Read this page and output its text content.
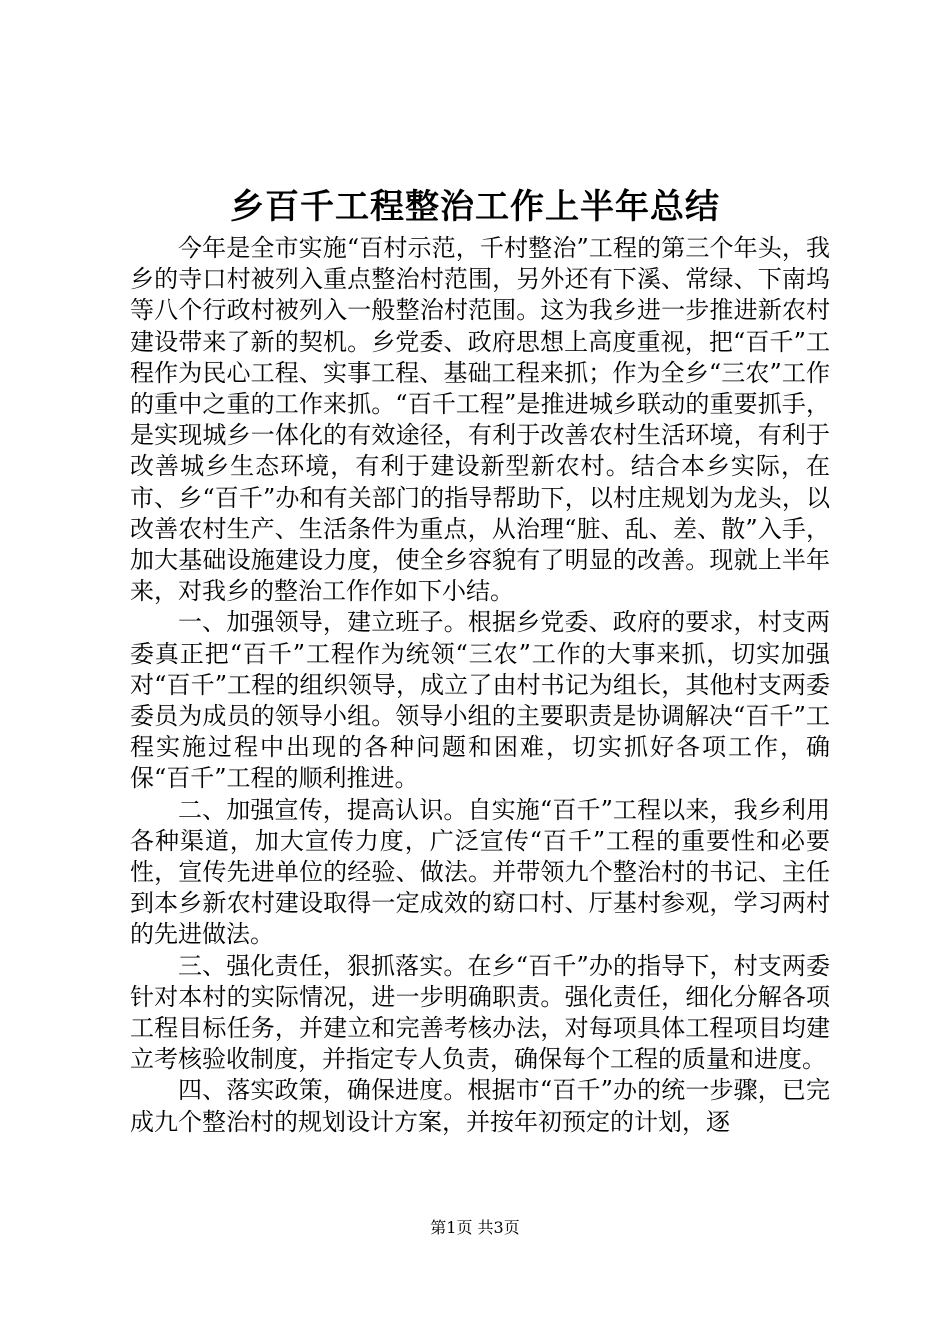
乡百千工程整治工作上半年总结

今年是全市实施“百村示范，千村整治”工程的第三个年头，我乡的寺口村被列入重点整治村范围，另外还有下溪、常绿、下南坞等八个行政村被列入一般整治村范围。这为我乡进一步推进新农村建设带来了新的契机。乡党委、政府思想上高度重视，把“百千”工程作为民心工程、实事工程、基础工程来抓；作为全乡“三农”工作的重中之重的工作来抓。“百千工程”是推进城乡联动的重要抓手，是实现城乡一体化的有效途径，有利于改善农村生活环境，有利于改善城乡生态环境，有利于建设新型新农村。结合本乡实际，在市、乡“百千”办和有关部门的指导帮助下，以村庄规划为龙头，以改善农村生产、生活条件为重点，从治理“脏、乱、差、散”入手，加大基础设施建设力度，使全乡容貌有了明显的改善。现就上半年来，对我乡的整治工作作如下小结。

一、加强领导，建立班子。根据乡党委、政府的要求，村支两委真正把“百千”工程作为统领“三农”工作的大事来抓，切实加强对“百千”工程的组织领导，成立了由村书记为组长，其他村支两委委员为成员的领导小组。领导小组的主要职责是协调解决“百千”工程实施过程中出现的各种问题和困难，切实抓好各项工作，确保“百千”工程的顺利推进。

二、加强宣传，提高认识。自实施“百千”工程以来，我乡利用各种渠道，加大宣传力度，广泛宣传“百千”工程的重要性和必要性，宣传先进单位的经验、做法。并带领九个整治村的书记、主任到本乡新农村建设取得一定成效的窈口村、厅基村参观，学习两村的先进做法。

三、强化责任，狠抓落实。在乡“百千”办的指导下，村支两委针对本村的实际情况，进一步明确职责。强化责任，细化分解各项工程目标任务，并建立和完善考核办法，对每项具体工程项目均建立考核验收制度，并指定专人负责，确保每个工程的质量和进度。

四、落实政策，确保进度。根据市“百千”办的统一步骤，已完成九个整治村的规划设计方案，并按年初预定的计划，逐

第1页 共3页
